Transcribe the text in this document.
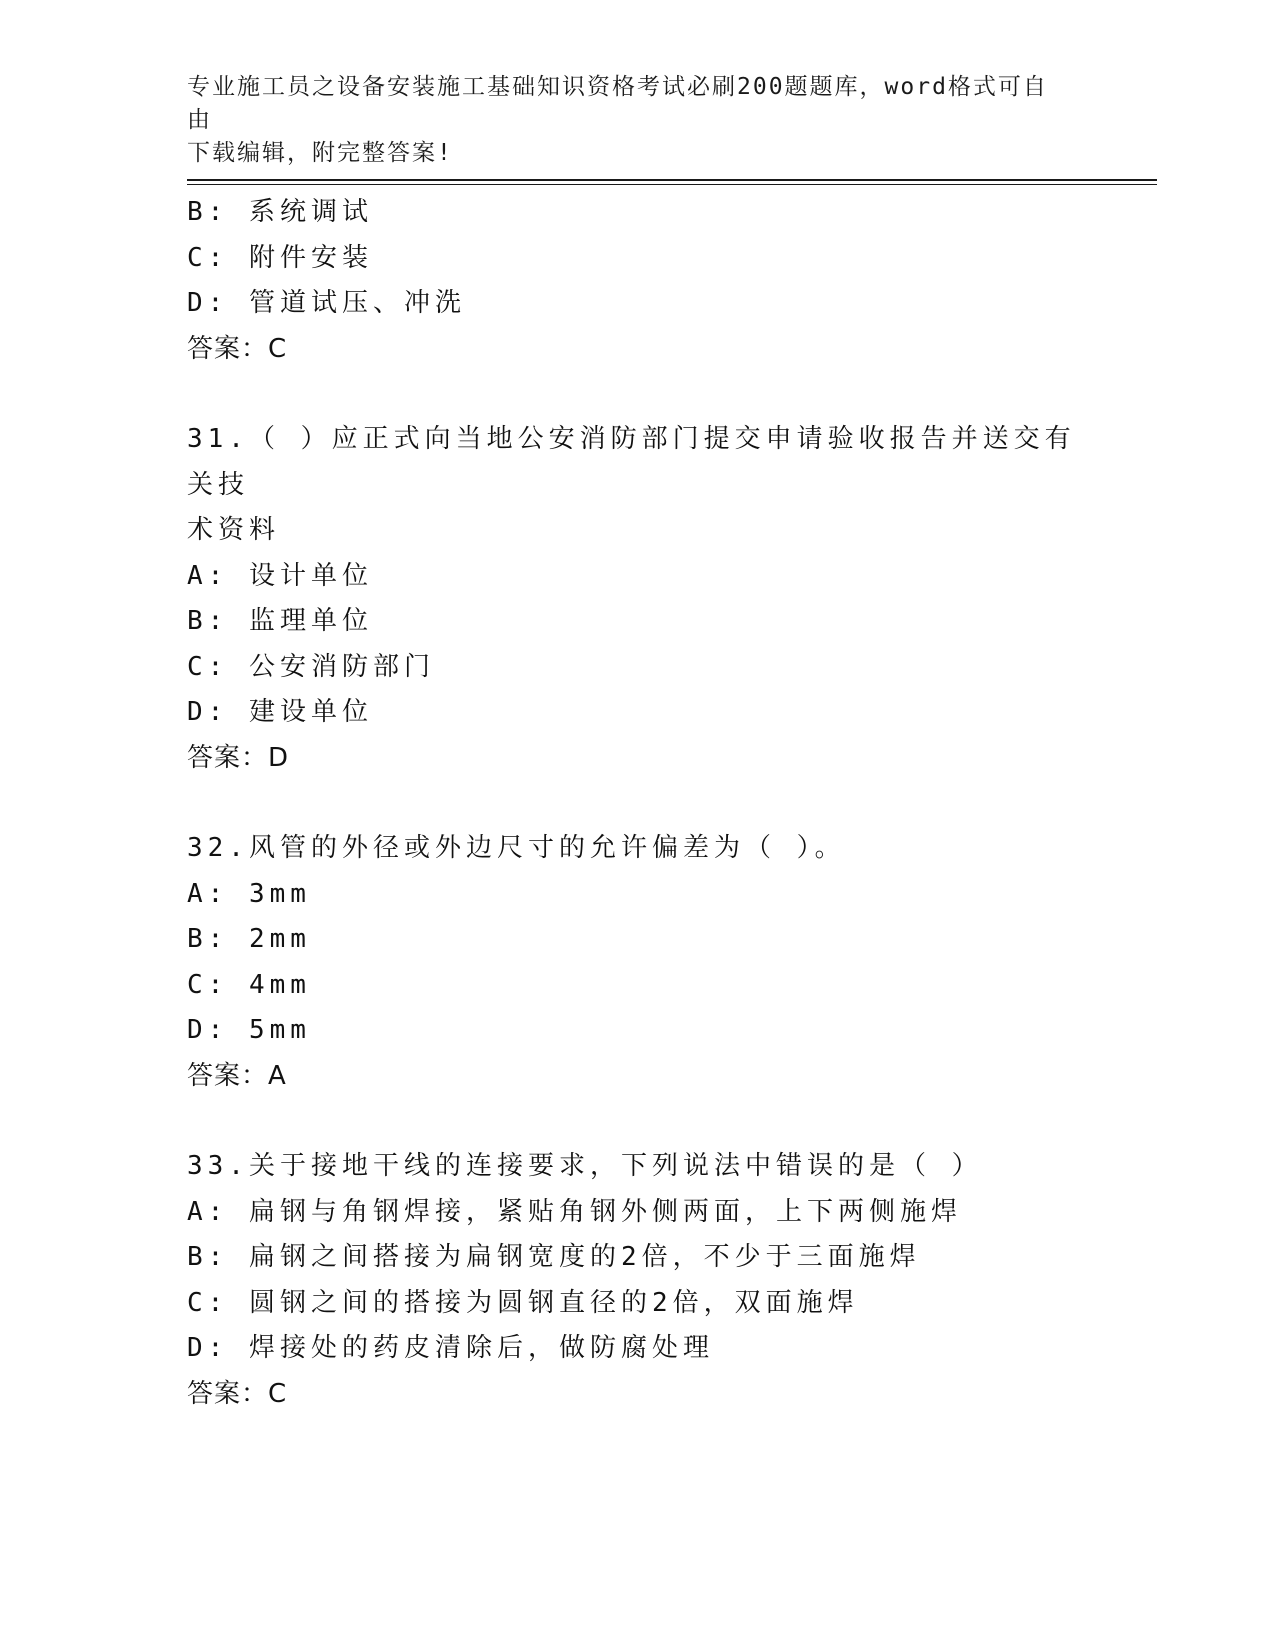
专业施工员之设备安装施工基础知识资格考试必刷200题题库，word格式可自由
下载编辑，附完整答案!
B: 系统调试
C: 附件安装
D: 管道试压、冲洗
答案：C
31.（ ）应正式向当地公安消防部门提交申请验收报告并送交有关技
术资料
A: 设计单位
B: 监理单位
C: 公安消防部门
D: 建设单位
答案：D
32.风管的外径或外边尺寸的允许偏差为（ ）。
A: 3mm
B: 2mm
C: 4mm
D: 5mm
答案：A
33.关于接地干线的连接要求，下列说法中错误的是（ ）
A: 扁钢与角钢焊接，紧贴角钢外侧两面，上下两侧施焊
B: 扁钢之间搭接为扁钢宽度的2倍，不少于三面施焊
C: 圆钢之间的搭接为圆钢直径的2倍，双面施焊
D: 焊接处的药皮清除后，做防腐处理
答案：C
